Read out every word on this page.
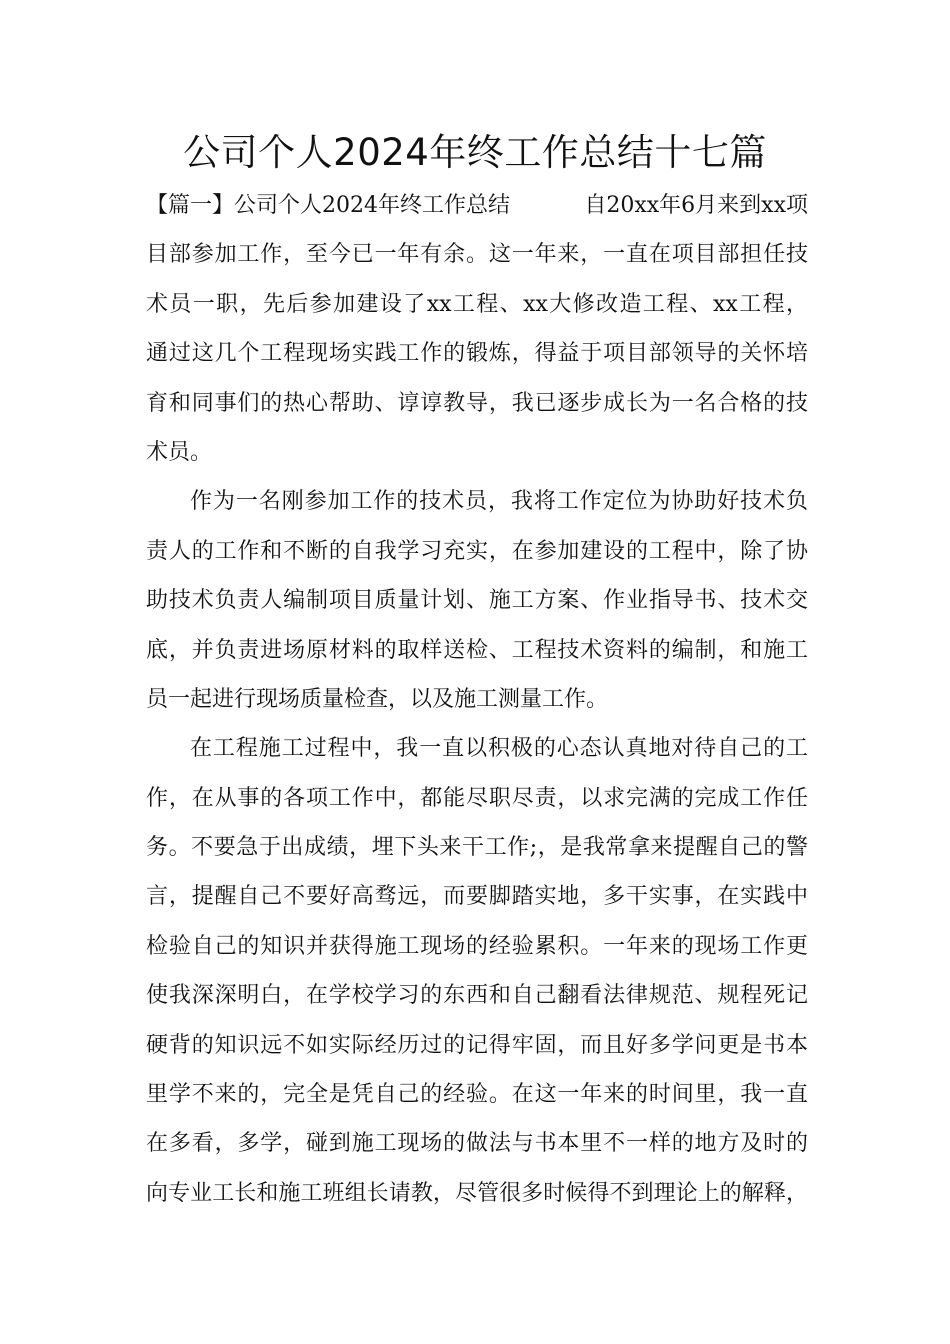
公司个人2024年终工作总结十七篇
【篇一】公司个人2024年终工作总结	自20xx年6月来到xx项
目部参加工作，至今已一年有余。这一年来，一直在项目部担任技
术员一职，先后参加建设了xx工程、xx大修改造工程、xx工程，
通过这几个工程现场实践工作的锻炼，得益于项目部领导的关怀培
育和同事们的热心帮助、谆谆教导，我已逐步成长为一名合格的技
术员。
作为一名刚参加工作的技术员，我将工作定位为协助好技术负
责人的工作和不断的自我学习充实，在参加建设的工程中，除了协
助技术负责人编制项目质量计划、施工方案、作业指导书、技术交
底，并负责进场原材料的取样送检、工程技术资料的编制，和施工
员一起进行现场质量检查，以及施工测量工作。
在工程施工过程中，我一直以积极的心态认真地对待自己的工
作，在从事的各项工作中，都能尽职尽责，以求完满的完成工作任
务。不要急于出成绩，埋下头来干工作;，是我常拿来提醒自己的警
言，提醒自己不要好高骛远，而要脚踏实地，多干实事，在实践中
检验自己的知识并获得施工现场的经验累积。一年来的现场工作更
使我深深明白，在学校学习的东西和自己翻看法律规范、规程死记
硬背的知识远不如实际经历过的记得牢固，而且好多学问更是书本
里学不来的，完全是凭自己的经验。在这一年来的时间里，我一直
在多看，多学，碰到施工现场的做法与书本里不一样的地方及时的
向专业工长和施工班组长请教，尽管很多时候得不到理论上的解释，
